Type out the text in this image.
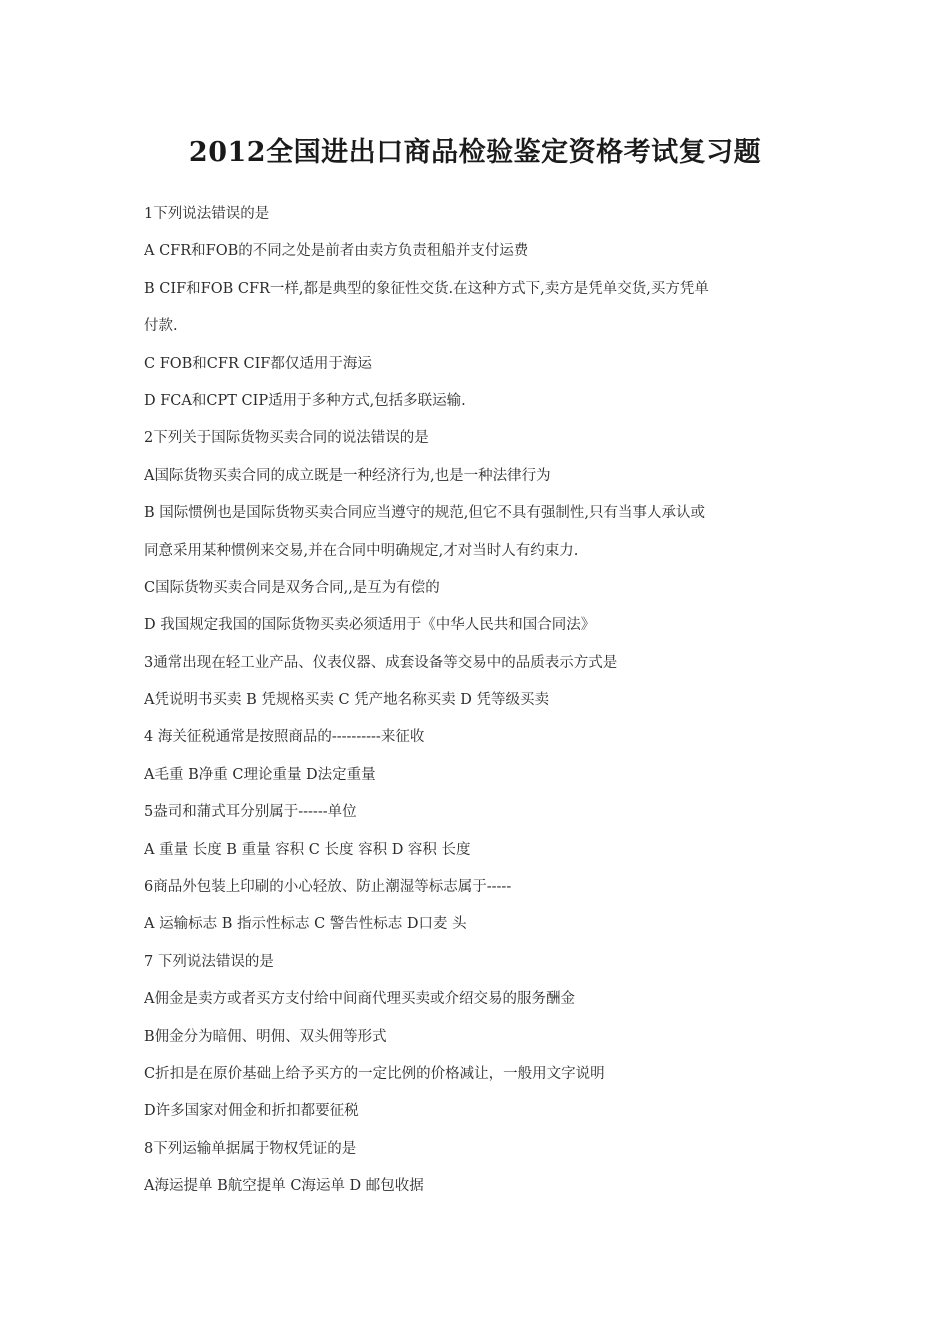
2012全国进出口商品检验鉴定资格考试复习题
1下列说法错误的是
A CFR和FOB的不同之处是前者由卖方负责租船并支付运费
B CIF和FOB CFR一样,都是典型的象征性交货.在这种方式下,卖方是凭单交货,买方凭单
付款.
C FOB和CFR CIF都仅适用于海运
D FCA和CPT CIP适用于多种方式,包括多联运输.
2下列关于国际货物买卖合同的说法错误的是
A国际货物买卖合同的成立既是一种经济行为,也是一种法律行为
B 国际惯例也是国际货物买卖合同应当遵守的规范,但它不具有强制性,只有当事人承认或
同意采用某种惯例来交易,并在合同中明确规定,才对当时人有约束力.
C国际货物买卖合同是双务合同,,是互为有偿的
D 我国规定我国的国际货物买卖必须适用于《中华人民共和国合同法》
3通常出现在轻工业产品、仪表仪器、成套设备等交易中的品质表示方式是
A凭说明书买卖 B 凭规格买卖 C 凭产地名称买卖 D 凭等级买卖
4 海关征税通常是按照商品的----------来征收
A毛重 B净重 C理论重量 D法定重量
5盎司和蒲式耳分别属于------单位
A 重量 长度 B 重量 容积 C 长度 容积 D 容积 长度
6商品外包装上印刷的小心轻放、防止潮湿等标志属于-----
A 运输标志 B 指示性标志 C 警告性标志 D口麦 头
7 下列说法错误的是
A佣金是卖方或者买方支付给中间商代理买卖或介绍交易的服务酬金
B佣金分为暗佣、明佣、双头佣等形式
C折扣是在原价基础上给予买方的一定比例的价格减让，一般用文字说明
D许多国家对佣金和折扣都要征税
8下列运输单据属于物权凭证的是
A海运提单 B航空提单 C海运单 D 邮包收据
